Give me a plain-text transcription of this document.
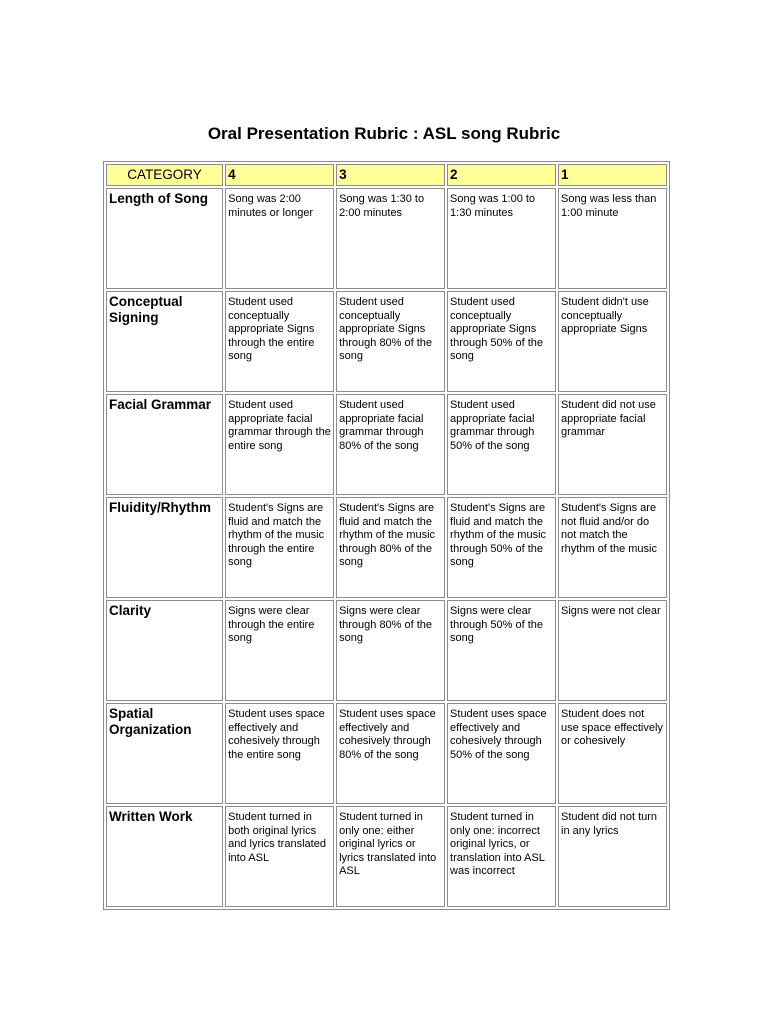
Oral Presentation Rubric : ASL song Rubric
CATEGORY	4	3	2	1
Length of Song	Song was 2:00 minutes or longer	Song was 1:30 to 2:00 minutes	Song was 1:00 to 1:30 minutes	Song was less than 1:00 minute
Conceptual Signing	Student used conceptually appropriate Signs through the entire song	Student used conceptually appropriate Signs through 80% of the song	Student used conceptually appropriate Signs through 50% of the song	Student didn't use conceptually appropriate Signs
Facial Grammar	Student used appropriate facial grammar through the entire song	Student used appropriate facial grammar through 80% of the song	Student used appropriate facial grammar through 50% of the song	Student did not use appropriate facial grammar
Fluidity/Rhythm	Student's Signs are fluid and match the rhythm of the music through the entire song	Student's Signs are fluid and match the rhythm of the music through 80% of the song	Student's Signs are fluid and match the rhythm of the music through 50% of the song	Student's Signs are not fluid and/or do not match the rhythm of the music
Clarity	Signs were clear through the entire song	Signs were clear through 80% of the song	Signs were clear through 50% of the song	Signs were not clear
Spatial Organization	Student uses space effectively and cohesively through the entire song	Student uses space effectively and cohesively through 80% of the song	Student uses space effectively and cohesively through 50% of the song	Student does not use space effectively or cohesively
Written Work	Student turned in both original lyrics and lyrics translated into ASL	Student turned in only one: either original lyrics or lyrics translated into ASL	Student turned in only one: incorrect original lyrics, or translation into ASL was incorrect	Student did not turn in any lyrics
